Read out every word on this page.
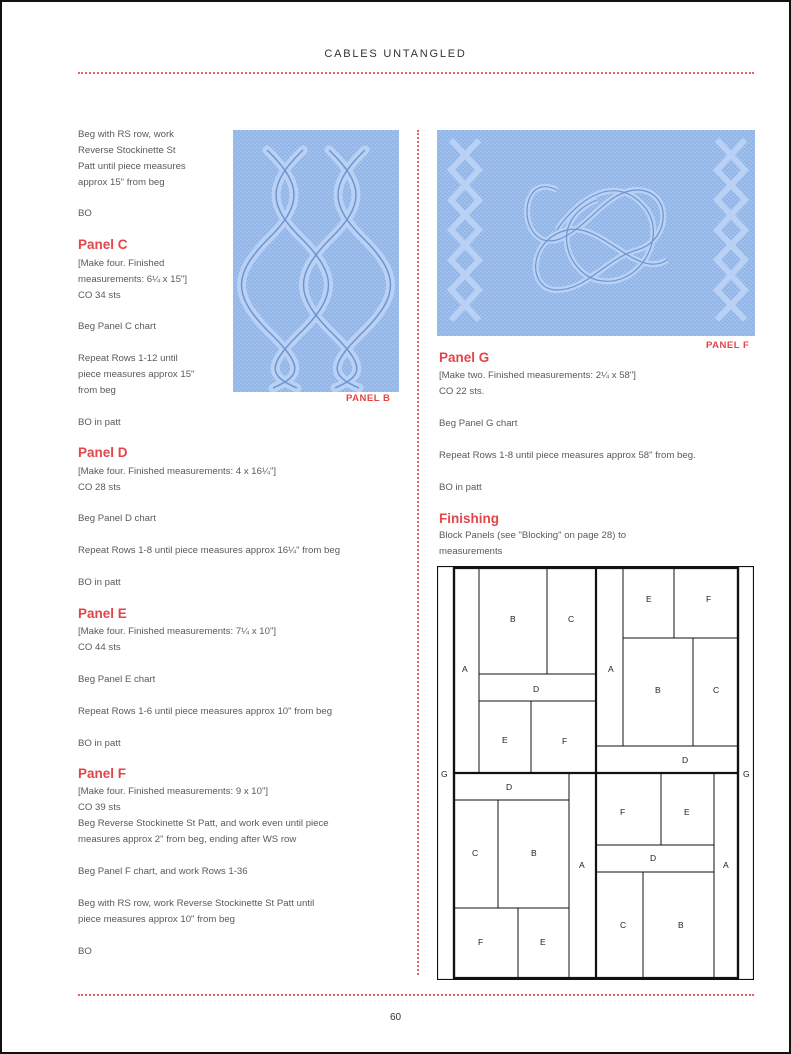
CABLES UNTANGLED
Beg with RS row, work
Reverse Stockinette St
Patt until piece measures
approx 15" from beg
BO
Panel C
[Make four. Finished
measurements: 6¼ x 15"]
CO 34 sts
Beg Panel C chart
Repeat Rows 1-12 until
piece measures approx 15"
from beg
BO in patt
Panel D
[Make four. Finished measurements: 4 x 16¼"]
CO 28 sts
Beg Panel D chart
Repeat Rows 1-8 until piece measures approx 16¼" from beg
BO in patt
Panel E
[Make four. Finished measurements: 7¼ x 10"]
CO 44 sts
Beg Panel E chart
Repeat Rows 1-6 until piece measures approx 10" from beg
BO in patt
Panel F
[Make four. Finished measurements: 9 x 10"]
CO 39 sts
Beg Reverse Stockinette St Patt, and work even until piece
measures approx 2" from beg, ending after WS row
Beg Panel F chart, and work Rows 1-36
Beg with RS row, work Reverse Stockinette St Patt until
piece measures approx 10" from beg
BO
PANEL B
PANEL F
Panel G
[Make two. Finished measurements: 2¼ x 58"]
CO 22 sts.
Beg Panel G chart
Repeat Rows 1-8 until piece measures approx 58" from beg.
BO in patt
Finishing
Block Panels (see "Blocking" on page 28) to
measurements
B	C
A
D
E	F
E	F
A
B	C
D
G	G
D
F	E
C	B	D
A	A
C	B
F	E
60
